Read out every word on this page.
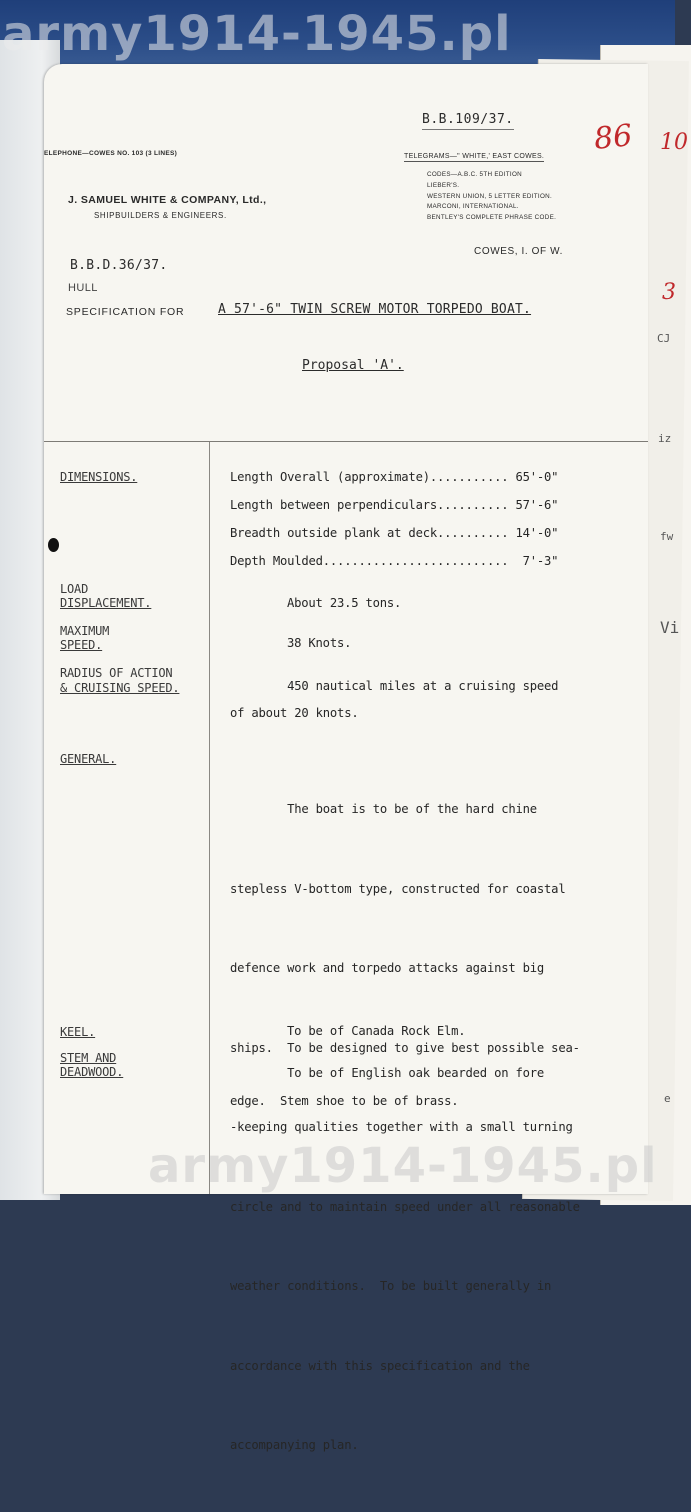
army1914-1945.pl
B.B.109/37.	86
ELEPHONE—COWES NO. 103 (3 LINES)
J. SAMUEL WHITE & COMPANY, Ltd.,
SHIPBUILDERS & ENGINEERS.
TELEGRAMS—" WHITE,' EAST COWES.
CODES—A.B.C. 5TH EDITION
LIEBER'S.
WESTERN UNION, 5 LETTER EDITION.
MARCONI, INTERNATIONAL.
BENTLEY'S COMPLETE PHRASE CODE.
COWES, I. OF W.
B.B.D.36/37.
HULL
SPECIFICATION FOR	A 57'-6" TWIN SCREW MOTOR TORPEDO BOAT.
Proposal 'A'.
DIMENSIONS.	Length Overall (approximate)........... 65'-0"
Length between perpendiculars.......... 57'-6"
Breadth outside plank at deck.......... 14'-0"
Depth Moulded..........................  7'-3"
LOAD
DISPLACEMENT.	About 23.5 tons.
MAXIMUM
SPEED.	38 Knots.
RADIUS OF ACTION
& CRUISING SPEED.	450 nautical miles at a cruising speed
of about 20 knots.
GENERAL.

The boat is to be of the hard chine

stepless V-bottom type, constructed for coastal

defence work and torpedo attacks against big

ships.  To be designed to give best possible sea-

-keeping qualities together with a small turning

circle and to maintain speed under all reasonable

weather conditions.  To be built generally in

accordance with this specification and the

accompanying plan.

KEEL.	To be of Canada Rock Elm.
STEM AND
DEADWOOD.	To be of English oak bearded on fore
edge.  Stem shoe to be of brass.
10
3
CJ
iz
fw
Vi
e
army1914-1945.pl
